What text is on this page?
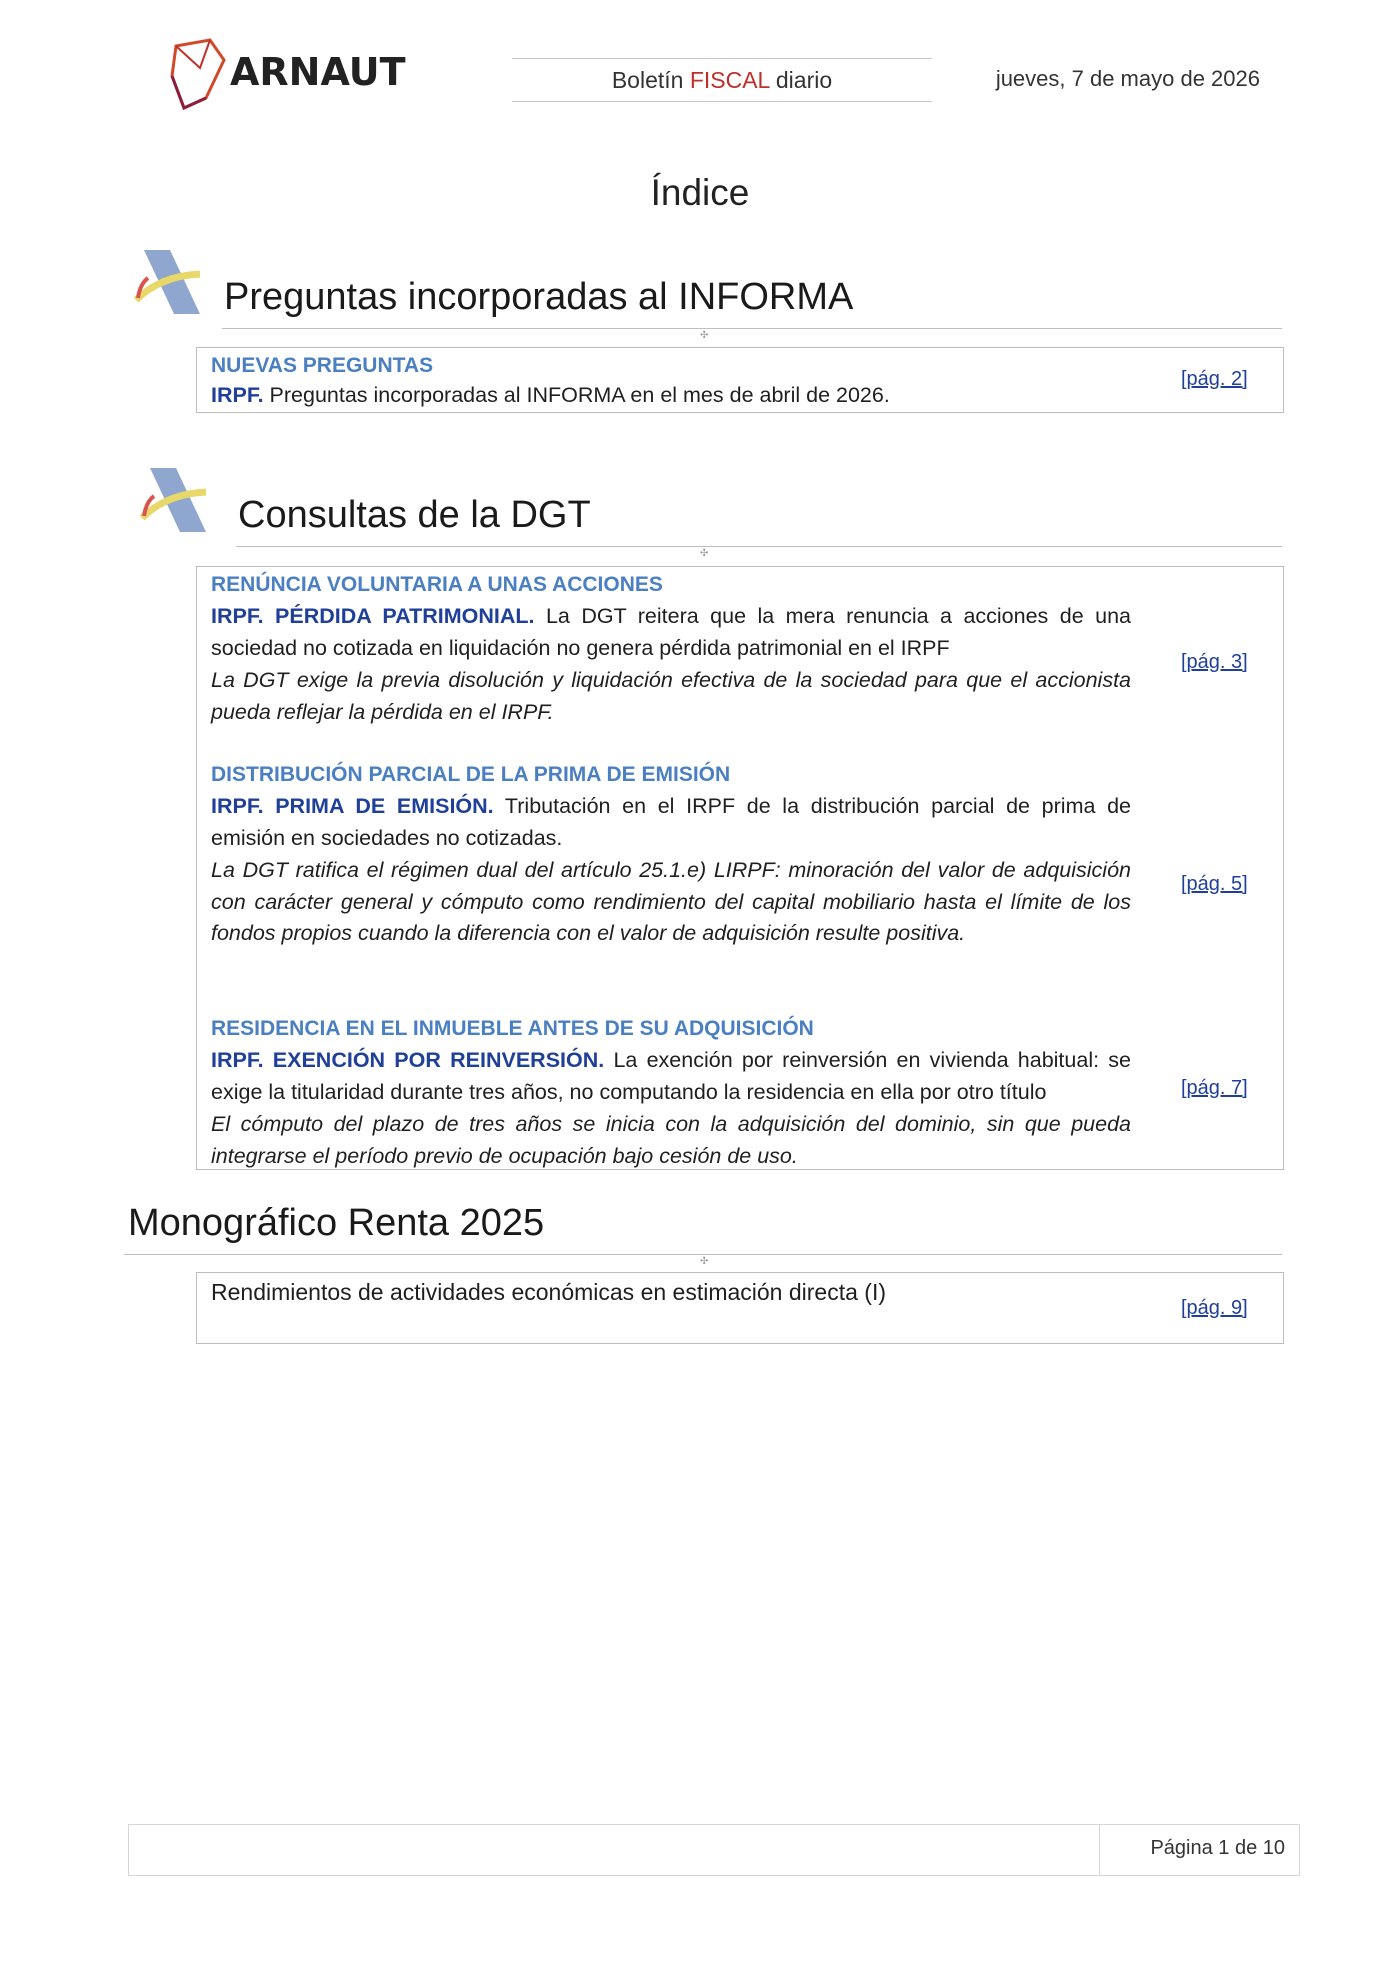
ARNAUT	Boletín FISCAL diario	jueves, 7 de mayo de 2026
Índice
Preguntas incorporadas al INFORMA
✣
NUEVAS PREGUNTAS
IRPF. Preguntas incorporadas al INFORMA en el mes de abril de 2026.
[pág. 2]
Consultas de la DGT
✣
RENÚNCIA VOLUNTARIA A UNAS ACCIONES
IRPF. PÉRDIDA PATRIMONIAL. La DGT reitera que la mera renuncia a acciones de una sociedad no cotizada en liquidación no genera pérdida patrimonial en el IRPF
La DGT exige la previa disolución y liquidación efectiva de la sociedad para que el accionista pueda reflejar la pérdida en el IRPF.
[pág. 3]
DISTRIBUCIÓN PARCIAL DE LA PRIMA DE EMISIÓN
IRPF. PRIMA DE EMISIÓN. Tributación en el IRPF de la distribución parcial de prima de emisión en sociedades no cotizadas.
La DGT ratifica el régimen dual del artículo 25.1.e) LIRPF: minoración del valor de adquisición con carácter general y cómputo como rendimiento del capital mobiliario hasta el límite de los fondos propios cuando la diferencia con el valor de adquisición resulte positiva.
[pág. 5]
RESIDENCIA EN EL INMUEBLE ANTES DE SU ADQUISICIÓN
IRPF. EXENCIÓN POR REINVERSIÓN. La exención por reinversión en vivienda habitual: se exige la titularidad durante tres años, no computando la residencia en ella por otro título
El cómputo del plazo de tres años se inicia con la adquisición del dominio, sin que pueda integrarse el período previo de ocupación bajo cesión de uso.
[pág. 7]
Monográfico Renta 2025
✣
Rendimientos de actividades económicas en estimación directa (I)
[pág. 9]
Página 1 de 10
